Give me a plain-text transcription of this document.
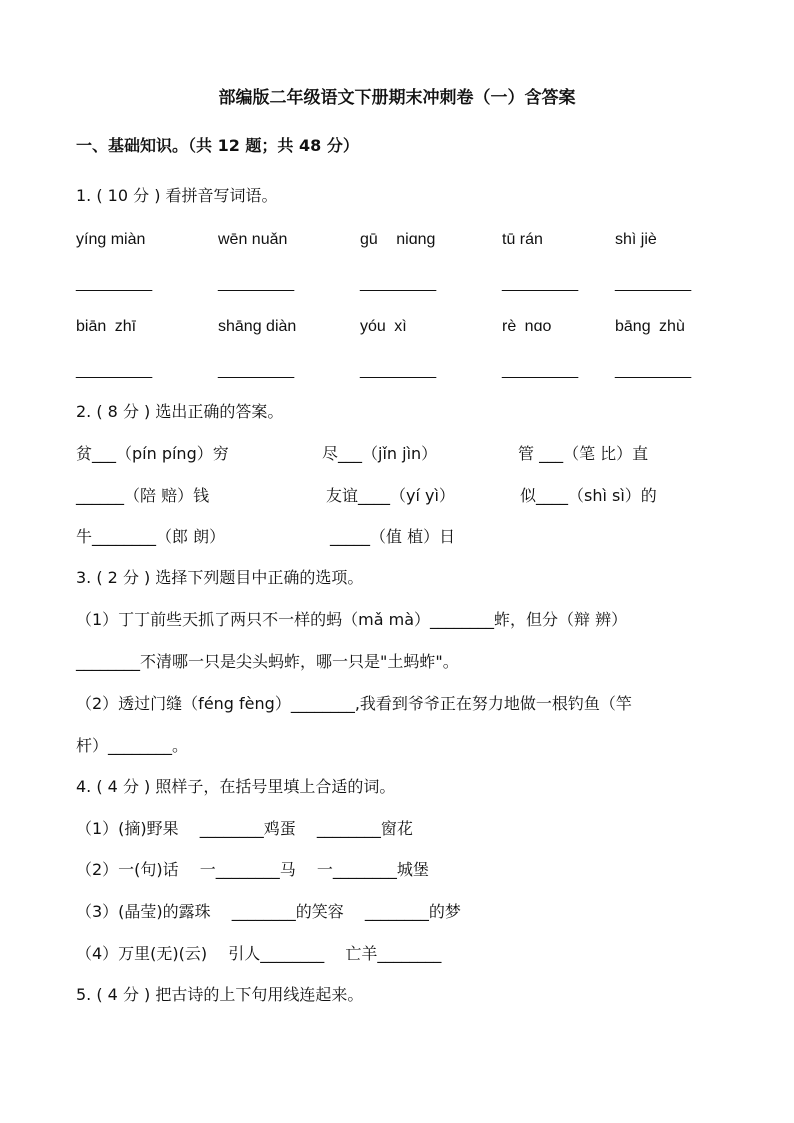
部编版二年级语文下册期末冲刺卷（一）含答案
一、基础知识。（共 12 题；共 48 分）
1. ( 10 分 ) 看拼音写词语。
yíng miàn	wēn nuǎn	gū niɑng	tū rán	shì jiè
_________	_________	_________	_________ _________
biān zhī	shāng diàn	yóu xì	rè nɑo	bāng zhù
_________	_________	_________	_________ _________
2. ( 8 分 ) 选出正确的答案。
贫___（pín píng）穷	尽___（jǐn jìn）	管 ___（笔 比）直
______（陪 赔）钱	友谊____（yí yì）	似____（shì sì）的
牛________（郎 朗）	_____（值 植）日
3. ( 2 分 ) 选择下列题目中正确的选项。
（1）丁丁前些天抓了两只不一样的蚂（mǎ mà）________蚱，但分（辩 辨）
________不清哪一只是尖头蚂蚱，哪一只是"土蚂蚱"。
（2）透过门缝（féng fèng）________,我看到爷爷正在努力地做一根钓鱼（竿
杆）________。
4. ( 4 分 ) 照样子，在括号里填上合适的词。
（1）(摘)野果　 ________鸡蛋　 ________窗花
（2）一(句)话　 一________马　 一________城堡
（3）(晶莹)的露珠　 ________的笑容　 ________的梦
（4）万里(无)(云)　 引人________　 亡羊________
5. ( 4 分 ) 把古诗的上下句用线连起来。
